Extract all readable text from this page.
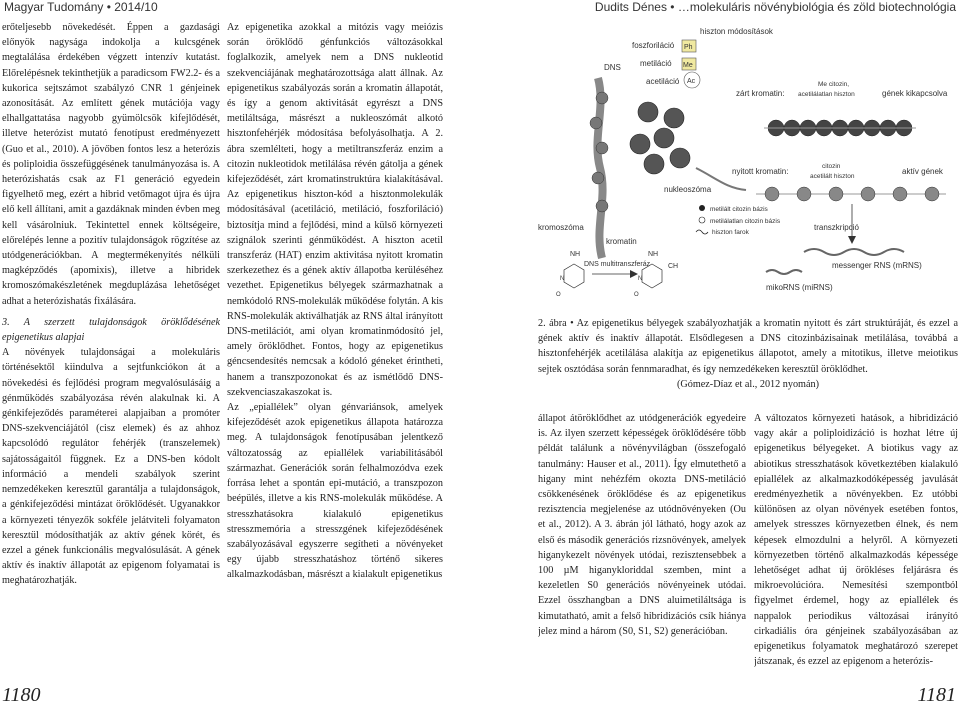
Magyar Tudomány • 2014/10	Dudits Dénes • …molekuláris növénybiológia és zöld biotechnológia

erőteljesebb növekedését. Éppen a gazdasági előnyök nagysága indokolja a kulcsgének megtalálása érdekében végzett intenzív kutatást. Előrelépésnek tekinthetjük a paradicsom FW2.2- és a kukorica sejtszámot szabályzó CNR 1 génjeinek azonosítását. Az említett gének mutációja vagy elhallgattatása nagyobb gyümölcsök kifejlődését, illetve heterózist mutató fenotípust eredményezett (Guo et al., 2010). A jövőben fontos lesz a heterózis és poliploidia összefüggésének tanulmányozása is. A heterózishatás csak az F1 generáció egyedein figyelhető meg, ezért a hibrid vetőmagot újra és újra elő kell állítani, amit a gazdáknak minden évben meg kell vásárolniuk. Tekintettel ennek költségeire, előrelépés lenne a pozitív tulajdonságok rögzítése az utódgenerációkban. A megtermékenyítés nélküli magképződés (apomixis), illetve a hibridek kromoszómakészletének megduplázása lehetőséget adhat a heterózishatás fixálására.

3. A szerzett tulajdonságok öröklődésének epigenetikus alapjai

A növények tulajdonságai a molekuláris történésektől kiindulva a sejtfunkciókon át a növekedési és fejlődési program megvalósulásáig a génműködés szabályozása révén alakulnak ki. A génkifejeződés paraméterei alapjaiban a promóter DNS-szekvenciájától (cisz elemek) és az ahhoz kapcsolódó regulátor fehérjék (transzelemek) sajátosságaitól függnek. Ez a DNS-ben kódolt információ a mendeli szabályok szerint nemzedékeken keresztül garantálja a tulajdonságok, a génkifejeződési mintázat öröklődését. Ugyanakkor a környezeti tényezők sokféle jelátviteli folyamaton keresztül módosíthatják az aktív gének körét, és ezzel a gének funkcionális megvalósulását. A gének aktív és inaktív állapotát az epigenom folyamatai is meghatározhatják.

Az epigenetika azokkal a mitózis vagy meiózis során öröklődő génfunkciós változásokkal foglalkozik, amelyek nem a DNS nukleotid szekvenciájának meghatározottsága alatt állnak. Az epigenetikus szabályozás során a kromatin állapotát, és így a genom aktivitását egyrészt a DNS metiláltsága, másrészt a nukleoszómát alkotó hisztonfehérjék módosítása befolyásolhatja. A 2. ábra szemlélteti, hogy a metiltranszferáz enzim a citozin nukleotidok metilálása révén gátolja a gének kifejeződését, zárt kromatinstruktúra kialakításával. Az epigenetikus hiszton-kód a hisztonmolekulák módosításával (acetiláció, metiláció, foszforiláció) biztosítja mind a fejlődési, mind a külső környezeti szignálok szerinti génműködést. A hiszton acetil transzferáz (HAT) enzim aktivitása nyitott kromatin szerkezethez és a gének aktív állapotba kerüléséhez vezethet. Epigenetikus bélyegek származhatnak a nemkódoló RNS-molekulák működése folytán. A kis RNS-molekulák aktiválhatják az RNS által irányított DNS-metilációt, ami olyan kromatinmódosító jel, amely öröklődhet. Fontos, hogy az epigenetikus géncsendesítés nemcsak a kódoló géneket érintheti, hanem a transzpozonokat és az ismétlődő DNS-szekvenciaszakaszokat is.

Az „epiallélek” olyan génvariánsok, amelyek kifejeződését azok epigenetikus állapota határozza meg. A tulajdonságok fenotípusában jelentkező változatosság az epiallélek variabilitásából származhat. Generációk során felhalmozódva ezek forrása lehet a spontán epi-mutáció, a transzpozon beépülés, illetve a kis RNS-molekulák működése. A stresszhatásokra kialakuló epigenetikus stresszmemória a stresszgének kifejeződésének szabályozásával egyszerre segítheti a növényeket egy újabb stresszhatáshoz történő sikeres alkalmazkodásban, másrészt a kialakult epigenetikus

hiszton módosítások
foszforiláció Ph
metiláció Me
acetiláció Ac
DNS
nukleoszóma
zárt kromatin:
Me citozin,
acetilálatlan hiszton	gének kikapcsolva
nyitott kromatin:
citozin
acetilált hiszton
aktív gének
metilált citozin bázis
metilálatlan citozin bázis
hiszton farok
transzkripció
messenger RNS (mRNS)
mikoRNS (miRNS)
kromoszóma
kromatin
NH
N
O
DNS multitranszferáz
NH
CH
N
O
2. ábra • Az epigenetikus bélyegek szabályozhatják a kromatin nyitott és zárt struktúráját, és ezzel a gének aktív és inaktív állapotát. Elsődlegesen a DNS citozinbázisainak metilálása, továbbá a hisztonfehérjék acetilálása alakítja az epigenetikus állapotot, amely a mitotikus, illetve meiotikus sejtek osztódása során fennmaradhat, és így nemzedékeken keresztül öröklődhet.
(Gómez-Díaz et al., 2012 nyomán)

állapot átöröklődhet az utódgenerációk egyedeire is. Az ilyen szerzett képességek öröklődésére több példát találunk a növényvilágban (összefogaló tanulmány: Hauser et al., 2011). Így elmutethető a higany mint nehézfém okozta DNS-metiláció csökkenésének öröklődése és az epigenetikus rezisztencia megjelenése az utódnövényeken (Ou et al., 2012). A 3. ábrán jól látható, hogy azok az első és második generációs rizsnövények, amelyek higanykezelt növények utódai, rezisztensebbek a 100 µM higanykloriddal szemben, mint a kezeletlen S0 generációs növényeinek utódai. Ezzel összhangban a DNS aluimetiláltsága is kimutatható, amit a felső hibridizációs csík hiánya jelez mind a három (S0, S1, S2) generációban.

A változatos környezeti hatások, a hibridizáció vagy akár a poliploidizáció is hozhat létre új epigenetikus bélyegeket. A biotikus vagy az abiotikus stresszhatások következtében kialakuló epiallélek az alkalmazkodóképesség javulását eredményezhetik a növényekben. Ez utóbbi különösen az olyan növények esetében fontos, amelyek stresszes környezetben élnek, és nem képesek elmozdulni a helyről. A környezeti környezetben történő alkalmazkodás képessége lehetőséget adhat új örökléses feljárásra és mikroevolúcióra. Nemesítési szempontból figyelmet érdemel, hogy az epiallélek és nappalok periodikus változásai irányító cirkadiális óra génjeinek szabályozásában az epigenetikus folyamatok meghatározó szerepet játszanak, és ezzel az epigenom a heterózis-

1180	1181
